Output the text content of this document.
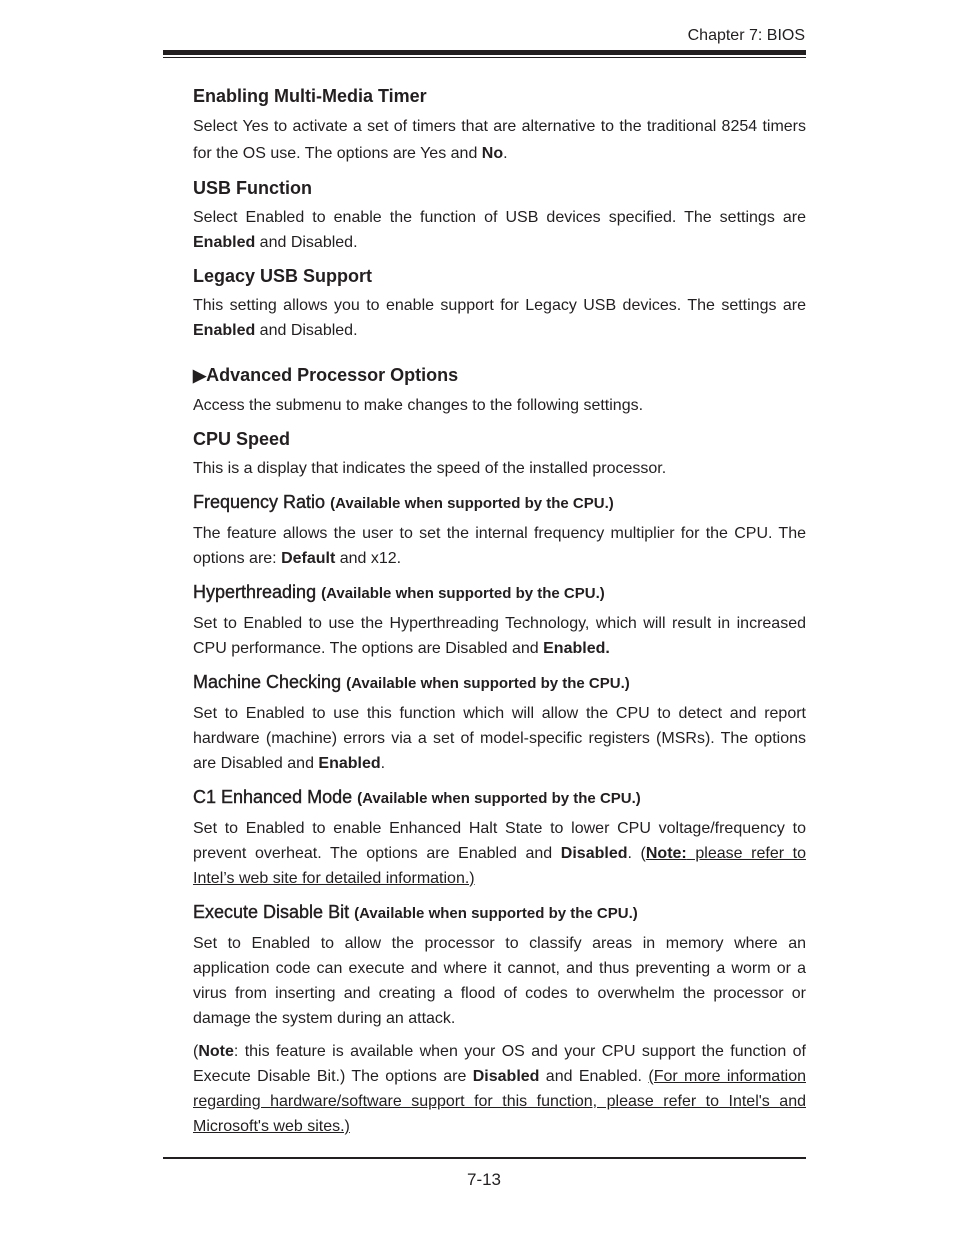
Chapter 7: BIOS
Enabling Multi-Media Timer

Select Yes to activate a set of timers that are alternative to the traditional 8254 timers for the OS use. The options are Yes and No.

USB Function

Select Enabled to enable the function of USB devices specified. The settings are Enabled and Disabled.

Legacy USB Support

This setting allows you to enable support for Legacy USB devices. The settings are Enabled and Disabled.

▶Advanced Processor Options

Access the submenu to make changes to the following settings.

CPU Speed

This is a display that indicates the speed of the installed processor.

Frequency Ratio (Available when supported by the CPU.)

The feature allows the user to set the internal frequency multiplier for the CPU. The options are: Default and x12.

Hyperthreading (Available when supported by the CPU.)

Set to Enabled to use the Hyperthreading Technology, which will result in increased CPU performance. The options are Disabled and Enabled.

Machine Checking (Available when supported by the CPU.)

Set to Enabled to use this function which will allow the CPU to detect and report hardware (machine) errors via a set of model-specific registers (MSRs). The options are Disabled and Enabled.

C1 Enhanced Mode (Available when supported by the CPU.)

Set to Enabled to enable Enhanced Halt State to lower CPU voltage/frequency to prevent overheat. The options are Enabled and Disabled. (Note: please refer to Intel’s web site for detailed information.)

Execute Disable Bit (Available when supported by the CPU.)

Set to Enabled to allow the processor to classify areas in memory where an application code can execute and where it cannot, and thus preventing a worm or a virus from inserting and creating a flood of codes to overwhelm the processor or damage the system during an attack.

(Note: this feature is available when your OS and your CPU support the function of Execute Disable Bit.) The options are Disabled and Enabled. (For more information regarding hardware/software support for this function, please refer to Intel's and Microsoft's web sites.)

7-13
